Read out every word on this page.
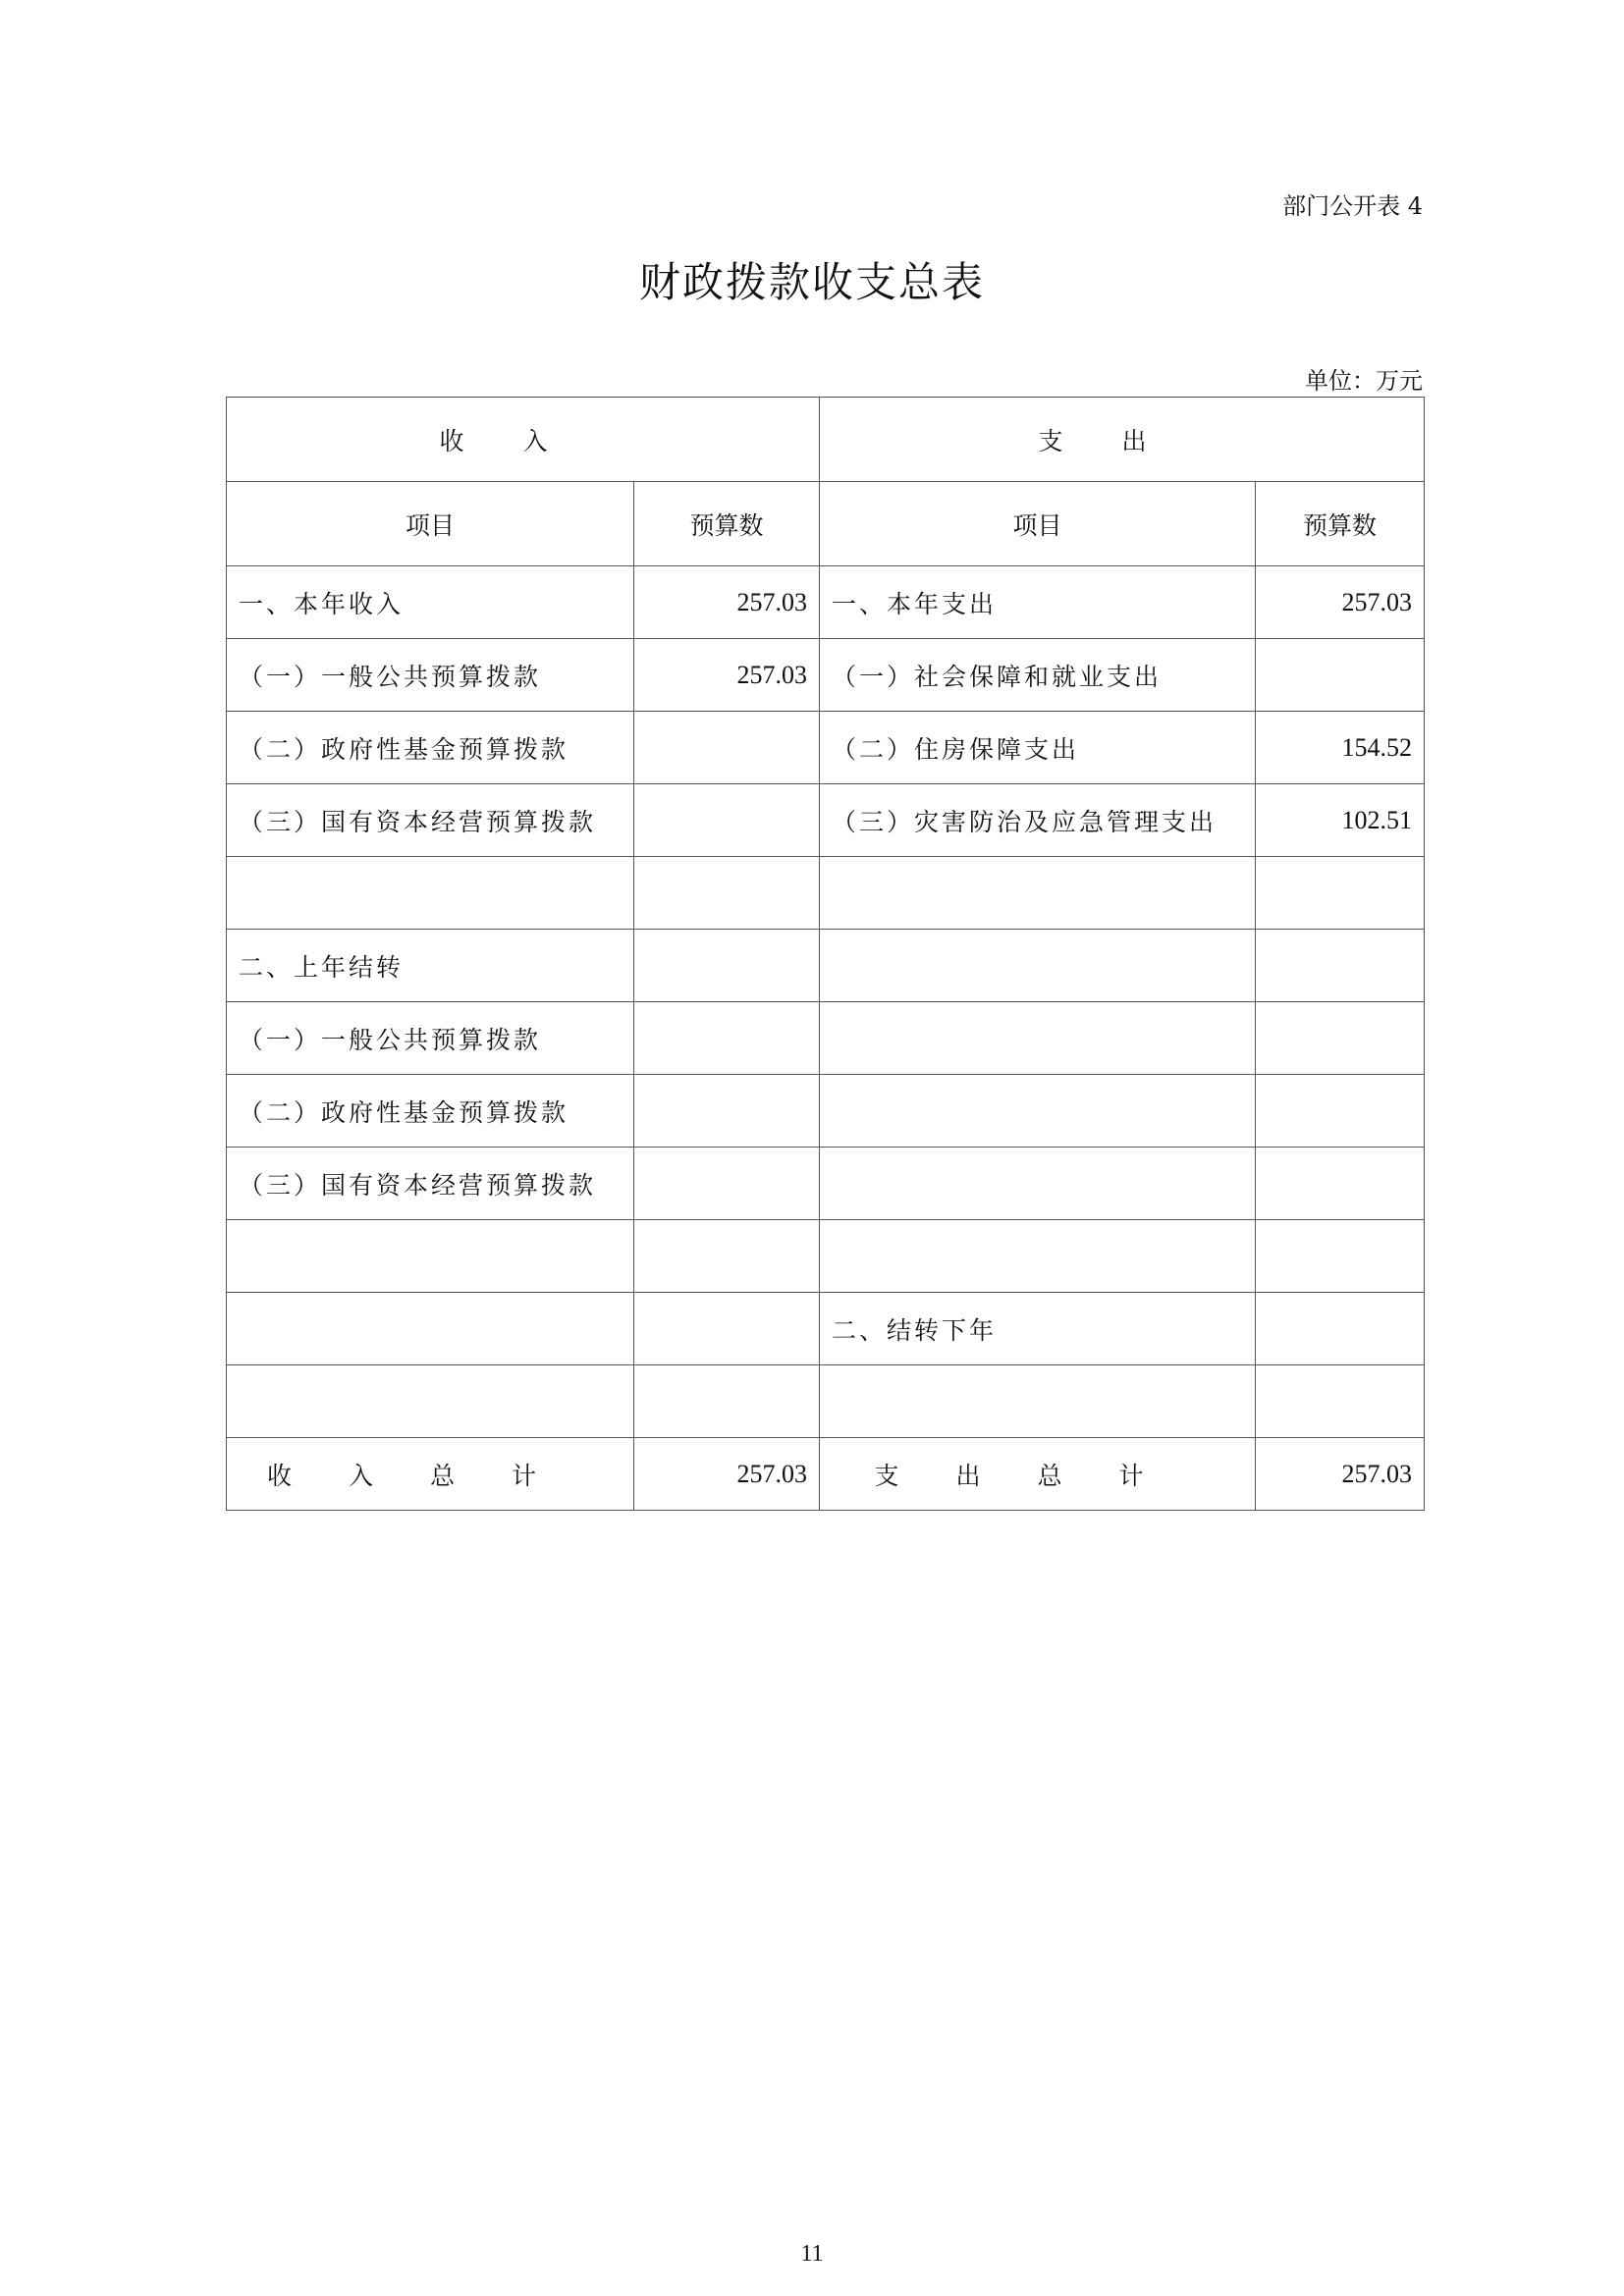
部门公开表 4
财政拨款收支总表
单位：万元
收入		支出	
项目	预算数	项目	预算数
一、本年收入	257.03	一、本年支出	257.03
（一）一般公共预算拨款	257.03	（一）社会保障和就业支出	
（二）政府性基金预算拨款		（二）住房保障支出	154.52
（三）国有资本经营预算拨款		（三）灾害防治及应急管理支出	102.51

二、上年结转			
（一）一般公共预算拨款			
（二）政府性基金预算拨款			
（三）国有资本经营预算拨款			

		二、结转下年	

收入总计	257.03	支出总计	257.03
11
